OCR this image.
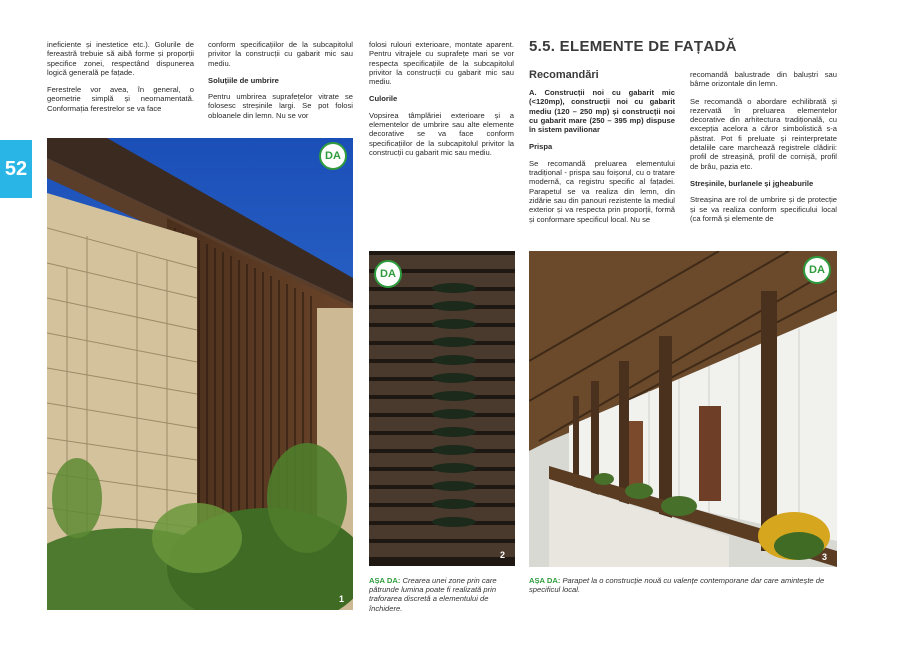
52

ineficiente și inestetice etc.). Golurile de fereastră trebuie să aibă forme și proporții specifice zonei, respectând dispunerea logică generală pe fațade.

Ferestrele vor avea, în general, o geometrie simplă și neornamentată. Conformația ferestrelor se va face

conform specificațiilor de la subcapitolul privitor la construcții cu gabarit mic sau mediu.

Soluțiile de umbrire

Pentru umbrirea suprafețelor vitrate se folosesc streșinile largi. Se pot folosi obloanele din lemn. Nu se vor

folosi rulouri exterioare, montate aparent. Pentru vitrajele cu suprafețe mari se vor respecta specificațiile de la subcapitolul privitor la construcții cu gabarit mic sau mediu.

Culorile

Vopsirea tâmplăriei exterioare și a elementelor de umbrire sau alte elemente decorative se va face conform specificațiilor de la subcapitolul privitor la construcții cu gabarit mic sau mediu.

5.5. ELEMENTE DE FAȚADĂ
Recomandări
A. Construcții noi cu gabarit mic (<120mp), construcții noi cu gabarit mediu (120 – 250 mp) și construcții noi cu gabarit mare (250 – 395 mp) dispuse în sistem pavilionar
Prispa

Se recomandă preluarea elementului tradițional - prispa sau foișorul, cu o tratare modernă, ca registru specific al fațadei. Parapetul se va realiza din lemn, din zidărie sau din panouri rezistente la mediul exterior și va respecta prin proporții, formă și conformare specificul local. Nu se

recomandă balustrade din baluștri sau bârne orizontale din lemn.

Se recomandă o abordare echilibrată și rezervată în preluarea elementelor decorative din arhitectura tradițională, cu excepția acelora a căror simbolistică s-a păstrat. Pot fi preluate și reinterpretate detaliile care marchează registrele clădirii: profil de streașină, profil de cornișă, profil de brâu, pazia etc.

Streșinile, burlanele și jgheaburile

Streașina are rol de umbrire și de protecție și se va realiza conform specificului local (ca formă și elemente de

DA
1
DA
2
DA
3
AȘA DA: Crearea unei zone prin care pătrunde lumina poate fi realizată prin traforarea discretă a elementului de închidere.
AȘA DA: Parapet la o construcție nouă cu valențe contemporane dar care amintește de specificul local.
